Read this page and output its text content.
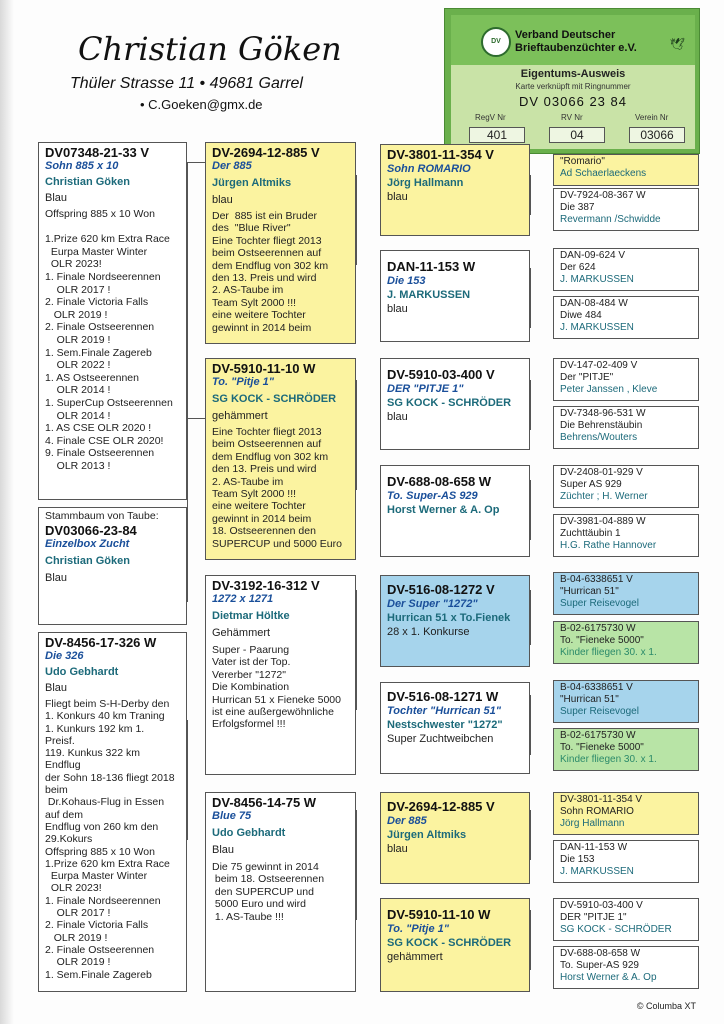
Christian Göken
Thüler Strasse 11 • 49681 Garrel
• C.Goeken@gmx.de
DV
Verband Deutscher
Brieftaubenzüchter e.V.	🕊
Eigentums-Ausweis
Karte verknüpft mit Ringnummer
DV 03066 23 84
RegV Nr	RV Nr	Verein Nr
401	04	03066
DV07348-21-33 V
Sohn 885 x 10
Christian Göken
Blau
Offspring 885 x 10 Won

1.Prize 620 km Extra Race
Eurpa Master Winter
OLR 2023!
1. Finale Nordseerennen
OLR 2017 !
2. Finale Victoria Falls
OLR 2019 !
2. Finale Ostseerennen
OLR 2019 !
1. Sem.Finale Zagereb
OLR 2022 !
1. AS Ostseerennen
OLR 2014 !
1. SuperCup Ostseerennen
OLR 2014 !
1. AS CSE OLR 2020 !
4. Finale CSE OLR 2020!
9. Finale Ostseerennen
OLR 2013 !
Stammbaum von Taube:
DV03066-23-84
Einzelbox Zucht
Christian Göken
Blau
DV-8456-17-326 W
Die 326
Udo Gebhardt
Blau
Fliegt beim S-H-Derby den
1. Konkurs 40 km Traning
1. Kunkurs 192 km 1.
Preisf.
119. Kunkus 322 km
Endflug
der Sohn 18-136 fliegt 2018
beim
Dr.Kohaus-Flug in Essen
auf dem
Endflug von 260 km den
29.Kokurs
Offspring 885 x 10 Won
1.Prize 620 km Extra Race
Eurpa Master Winter
OLR 2023!
1. Finale Nordseerennen
OLR 2017 !
2. Finale Victoria Falls
OLR 2019 !
2. Finale Ostseerennen
OLR 2019 !
1. Sem.Finale Zagereb
DV-2694-12-885 V
Der 885
Jürgen Altmiks
blau
Der  885 ist ein Bruder
des  "Blue River"
Eine Tochter fliegt 2013
beim Ostseerennen auf
dem Endflug von 302 km
den 13. Preis und wird
2. AS-Taube im
Team Sylt 2000 !!!
eine weitere Tochter
gewinnt in 2014 beim
DV-5910-11-10 W
To. "Pitje 1"
SG KOCK - SCHRÖDER
gehämmert
Eine Tochter fliegt 2013
beim Ostseerennen auf
dem Endflug von 302 km
den 13. Preis und wird
2. AS-Taube im
Team Sylt 2000 !!!
eine weitere Tochter
gewinnt in 2014 beim
18. Ostseerennen den
SUPERCUP und 5000 Euro
DV-3192-16-312 V
1272 x 1271
Dietmar Höltke
Gehämmert
Super - Paarung
Vater ist der Top.
Vererber "1272"
Die Kombination
Hurrican 51 x Fieneke 5000
ist eine außergewöhnliche
Erfolgsformel !!!
DV-8456-14-75 W
Blue 75
Udo Gebhardt
Blau
Die 75 gewinnt in 2014
beim 18. Ostseerennen
den SUPERCUP und
5000 Euro und wird
1. AS-Taube !!!
DV-3801-11-354 V
Sohn ROMARIO
Jörg Hallmann
blau
DAN-11-153 W
Die 153
J. MARKUSSEN
blau
DV-5910-03-400 V
DER "PITJE 1"
SG KOCK - SCHRÖDER
blau
DV-688-08-658 W
To. Super-AS 929
Horst Werner & A. Op
DV-516-08-1272 V
Der Super "1272"
Hurrican 51 x To.Fienek
28 x 1. Konkurse
DV-516-08-1271 W
Tochter "Hurrican 51"
Nestschwester "1272"
Super Zuchtweibchen
DV-2694-12-885 V
Der 885
Jürgen Altmiks
blau
DV-5910-11-10 W
To. "Pitje 1"
SG KOCK - SCHRÖDER
gehämmert
"Romario"
Ad Schaerlaeckens
DV-7924-08-367 W
Die 387
Revermann /Schwidde
DAN-09-624 V
Der 624
J. MARKUSSEN
DAN-08-484 W
Diwe 484
J. MARKUSSEN
DV-147-02-409 V
Der "PITJE"
Peter Janssen , Kleve
DV-7348-96-531 W
Die Behrenstäubin
Behrens/Wouters
DV-2408-01-929 V
Super AS 929
Züchter ; H. Werner
DV-3981-04-889 W
Zuchttäubin 1
H.G. Rathe Hannover
B-04-6338651 V
"Hurrican 51"
Super Reisevogel
B-02-6175730 W
To. "Fieneke 5000"
Kinder fliegen 30. x 1.
B-04-6338651 V
"Hurrican 51"
Super Reisevogel
B-02-6175730 W
To. "Fieneke 5000"
Kinder fliegen 30. x 1.
DV-3801-11-354 V
Sohn ROMARIO
Jörg Hallmann
DAN-11-153 W
Die 153
J. MARKUSSEN
DV-5910-03-400 V
DER "PITJE 1"
SG KOCK - SCHRÖDER
DV-688-08-658 W
To. Super-AS 929
Horst Werner & A. Op
© Columba XT
